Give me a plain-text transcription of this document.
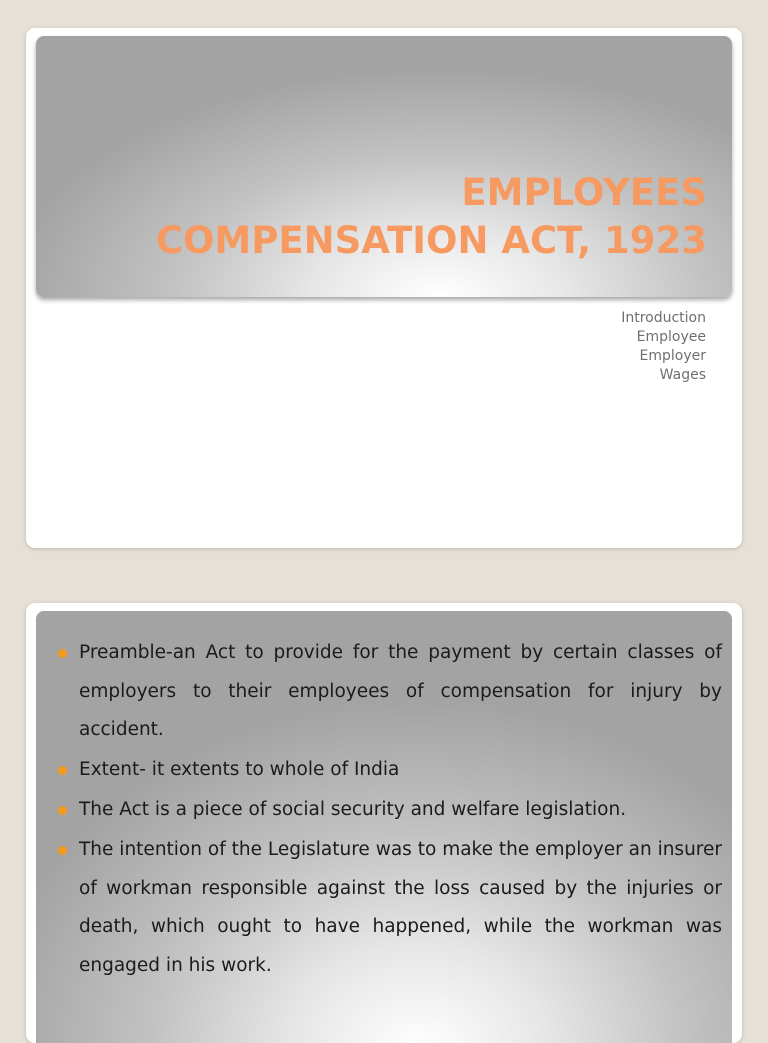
EMPLOYEES
COMPENSATION ACT, 1923
Introduction
Employee
Employer
Wages
Preamble-an Act to provide for the payment by certain classes of employers to their employees of compensation for injury by accident.
Extent- it extents to whole of India
The Act is a piece of social security and welfare legislation.
The intention of the Legislature was to make the employer an insurer of workman responsible against the loss caused by the injuries or death, which ought to have happened, while the workman was engaged in his work.
